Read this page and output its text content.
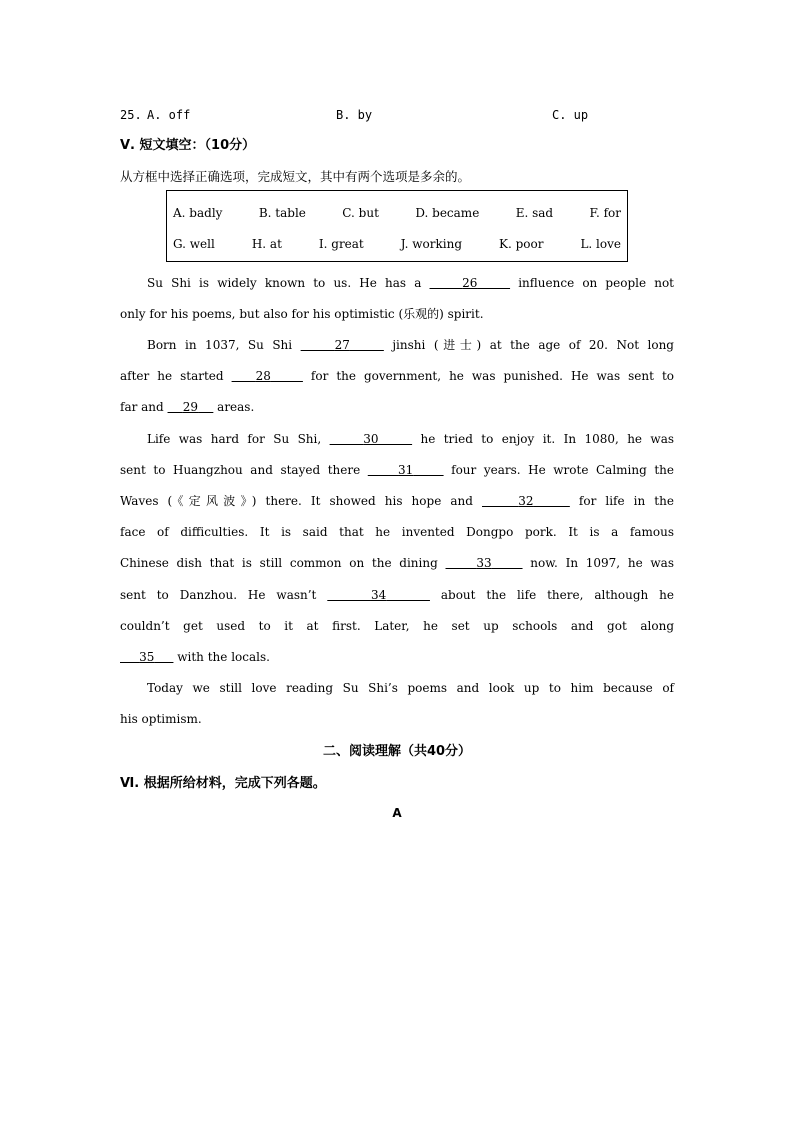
25. A. off	B. by	C. up
Ⅴ. 短文填空：（10分）
从方框中选择正确选项，完成短文，其中有两个选项是多余的。
A. badly	B. table	C. but	D. became	E. sad	F. for
G. well	H. at	I. great	J. working	K. poor	L. love
Su Shi is widely known to us. He has a	26	influence on people not
only for his poems, but also for his optimistic (乐观的) spirit.
Born in 1037, Su Shi	27	jinshi (进士) at the age of 20. Not long
after he started    28	for the government, he was punished. He was sent to
far and     29     areas.
Life was hard for Su Shi,	30	he tried to enjoy it. In 1080, he was
sent to Huangzhou and stayed there	31	four years. He wrote Calming the
Waves (《定风波》) there. It showed his hope and	32	for life in the
face of difficulties. It is said that he invented Dongpo pork. It is a famous
Chinese dish that is still common on the dining	33	now. In 1097, he was
sent to Danzhou. He wasn’t	34	about the life there, although he
couldn’t get used to it at first. Later, he set up schools and got along
35      with the locals.
Today we still love reading Su Shi’s poems and look up to him because of
his optimism.
二、阅读理解（共40分）
Ⅵ. 根据所给材料，完成下列各题。
A
